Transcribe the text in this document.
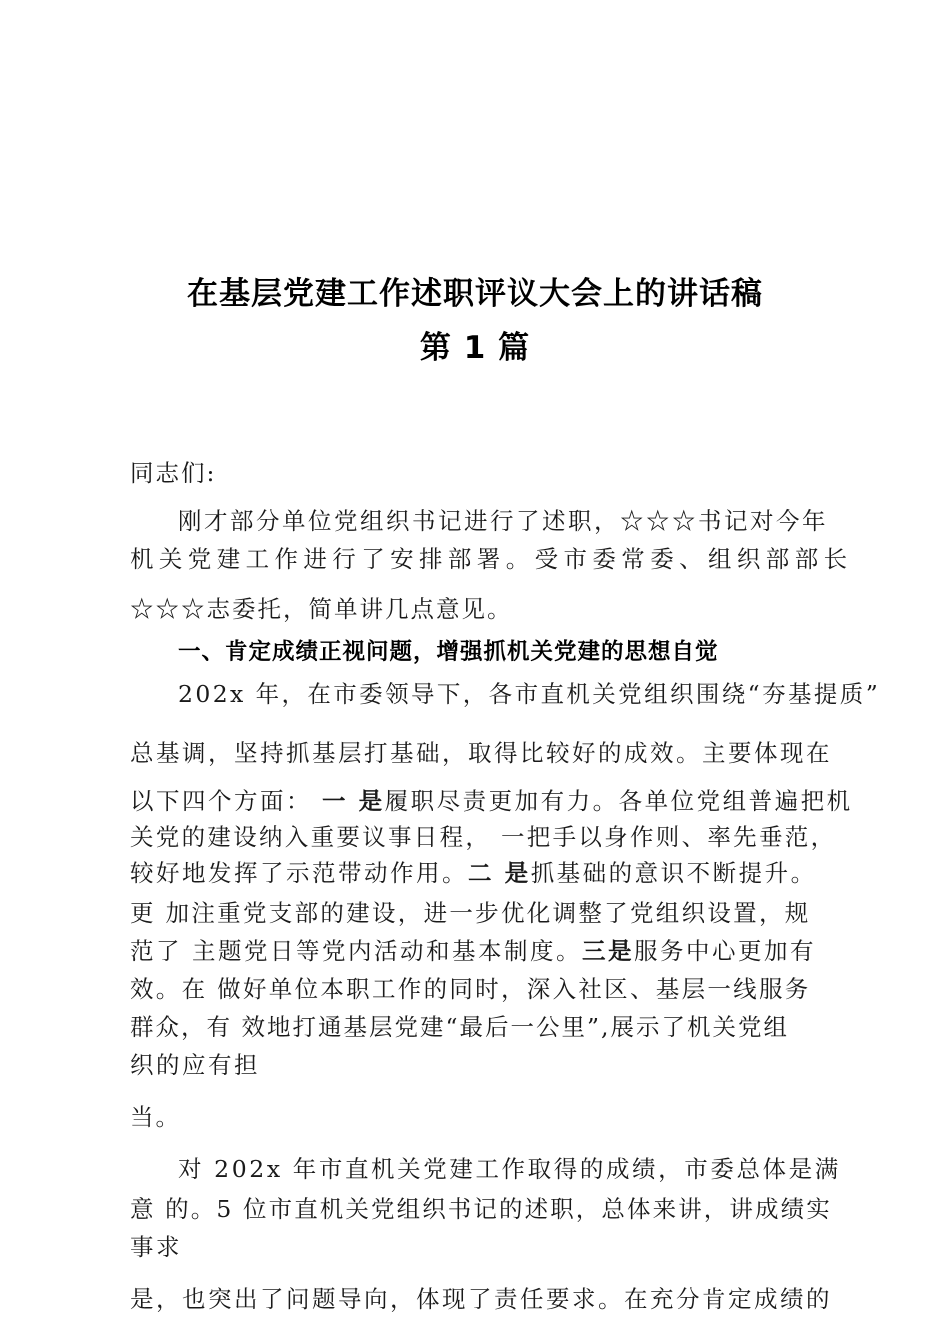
在基层党建工作述职评议大会上的讲话稿
第 1 篇
同志们:
刚才部分单位党组织书记进行了述职，☆☆☆书记对今年
机关党建工作进行了安排部署。受市委常委、组织部部长
☆☆☆志委托，简单讲几点意见。
一、肯定成绩正视问题，增强抓机关党建的思想自觉
202x 年，在市委领导下，各市直机关党组织围绕“夯基提质”
总基调，坚持抓基层打基础，取得比较好的成效。主要体现在
以下四个方面： 一 是履职尽责更加有力。各单位党组普遍把机
关党的建设纳入重要议事日程， 一把手以身作则、率先垂范，
较好地发挥了示范带动作用。二 是抓基础的意识不断提升。
更 加注重党支部的建设，进一步优化调整了党组织设置，规
范了 主题党日等党内活动和基本制度。三是服务中心更加有
效。在 做好单位本职工作的同时，深入社区、基层一线服务
群众，有 效地打通基层党建“最后一公里”,展示了机关党组
织的应有担
当。
对 202x 年市直机关党建工作取得的成绩，市委总体是满
意 的。5 位市直机关党组织书记的述职，总体来讲，讲成绩实
事求
是，也突出了问题导向，体现了责任要求。在充分肯定成绩的
